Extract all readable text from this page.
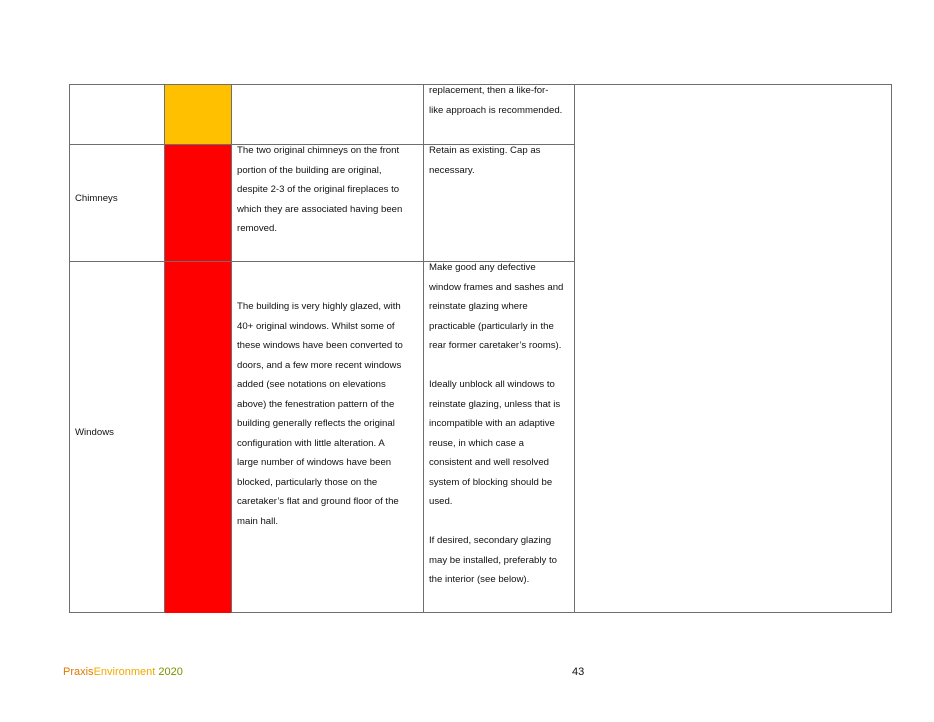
replacement, then a like-for-

like approach is recommended.

Chimneys

The two original chimneys on the front

portion of the building are original,

despite 2-3 of the original fireplaces to

which they are associated having been

removed.

Retain as existing. Cap as

necessary.

Windows

The building is very highly glazed, with

40+ original windows. Whilst some of

these windows have been converted to

doors, and a few more recent windows

added (see notations on elevations

above) the fenestration pattern of the

building generally reflects the original

configuration with little alteration. A

large number of windows have been

blocked, particularly those on the

caretaker’s flat and ground floor of the

main hall.

Make good any defective

window frames and sashes and

reinstate glazing where

practicable (particularly in the

rear former caretaker’s rooms).

Ideally unblock all windows to

reinstate glazing, unless that is

incompatible with an adaptive

reuse, in which case a

consistent and well resolved

system of blocking should be

used.

If desired, secondary glazing

may be installed, preferably to

the interior (see below).

PraxisEnvironment 2020	43
